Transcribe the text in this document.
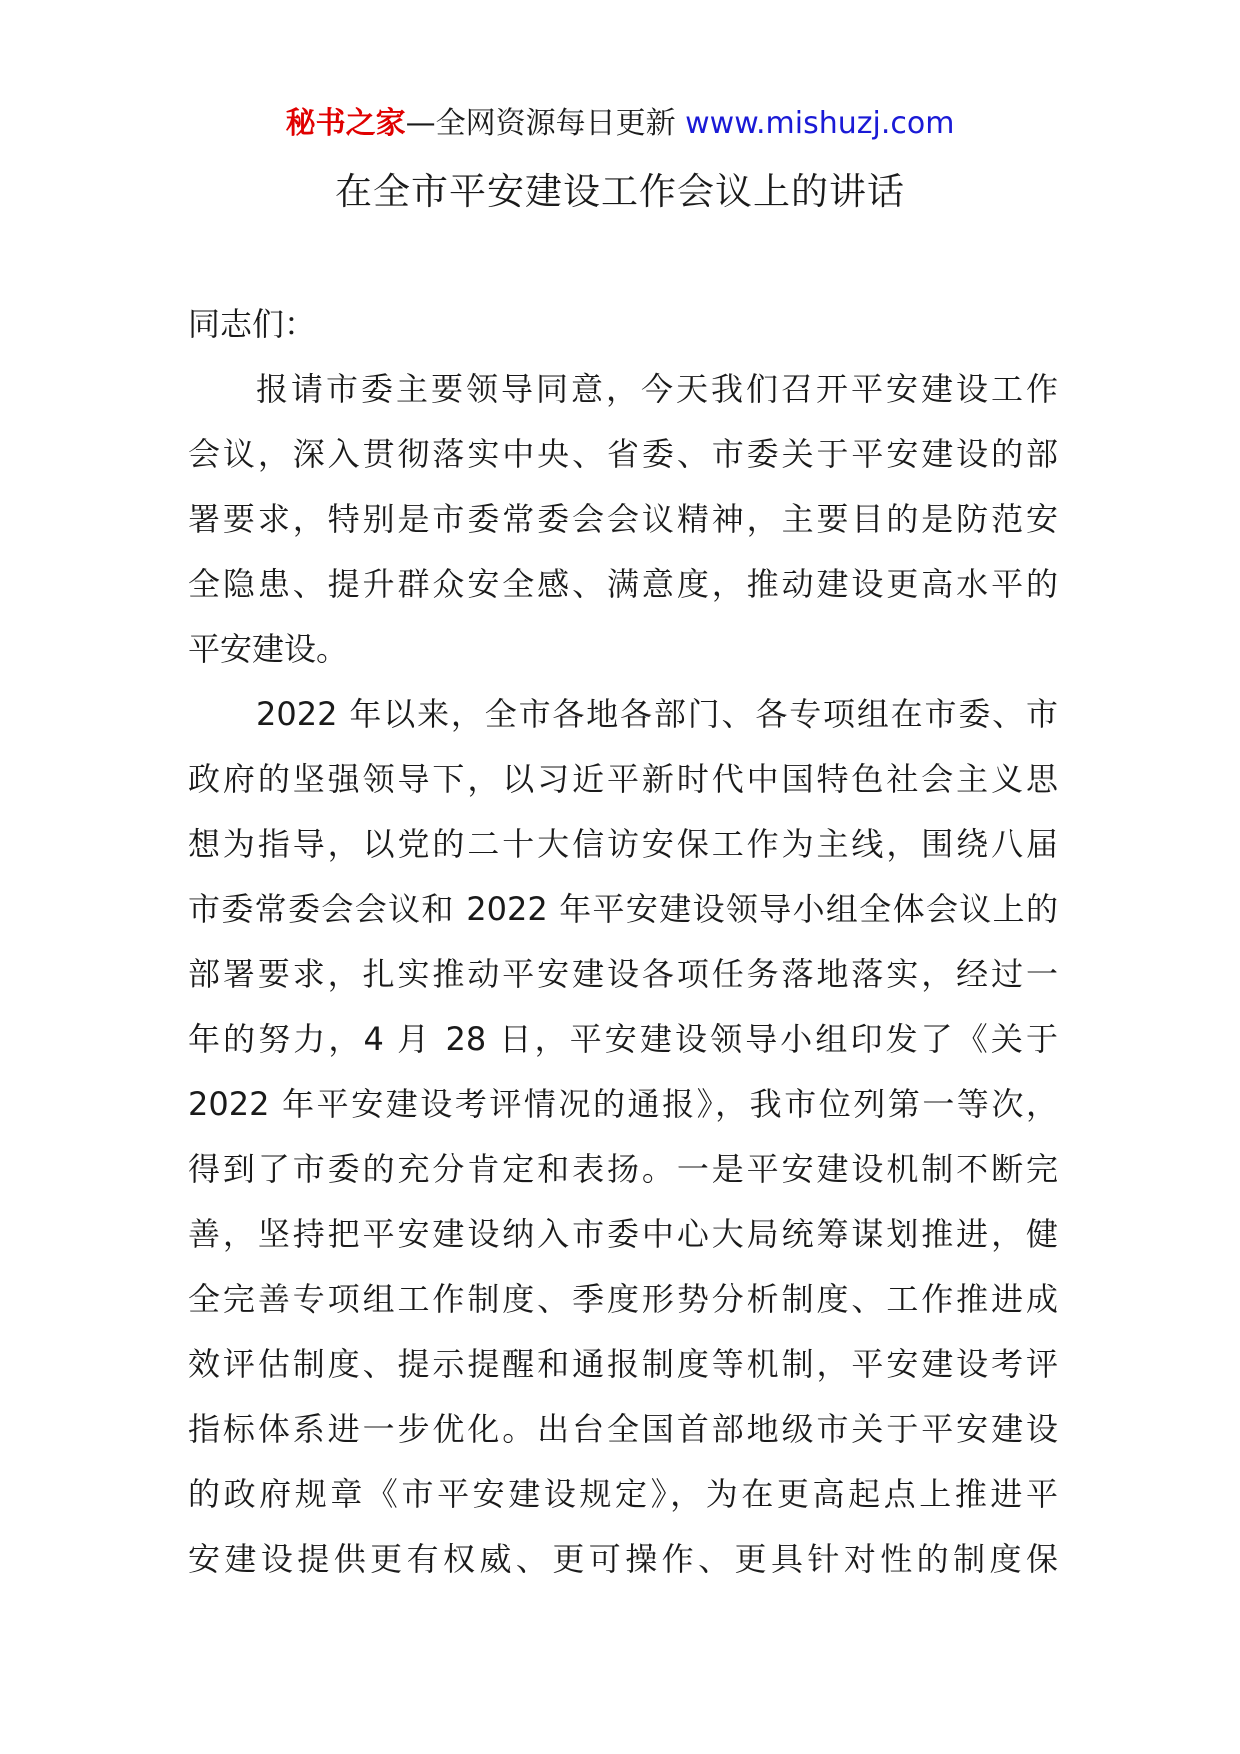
秘书之家—全网资源每日更新 www.mishuzj.com
在全市平安建设工作会议上的讲话
同志们：
报请市委主要领导同意，今天我们召开平安建设工作
会议，深入贯彻落实中央、省委、市委关于平安建设的部
署要求，特别是市委常委会会议精神，主要目的是防范安
全隐患、提升群众安全感、满意度，推动建设更高水平的
平安建设。
2022 年以来，全市各地各部门、各专项组在市委、市
政府的坚强领导下，以习近平新时代中国特色社会主义思
想为指导，以党的二十大信访安保工作为主线，围绕八届
市委常委会会议和 2022 年平安建设领导小组全体会议上的
部署要求，扎实推动平安建设各项任务落地落实，经过一
年的努力，4 月 28 日，平安建设领导小组印发了《关于
2022 年平安建设考评情况的通报》，我市位列第一等次，
得到了市委的充分肯定和表扬。一是平安建设机制不断完
善，坚持把平安建设纳入市委中心大局统筹谋划推进，健
全完善专项组工作制度、季度形势分析制度、工作推进成
效评估制度、提示提醒和通报制度等机制，平安建设考评
指标体系进一步优化。出台全国首部地级市关于平安建设
的政府规章《市平安建设规定》，为在更高起点上推进平
安建设提供更有权威、更可操作、更具针对性的制度保
